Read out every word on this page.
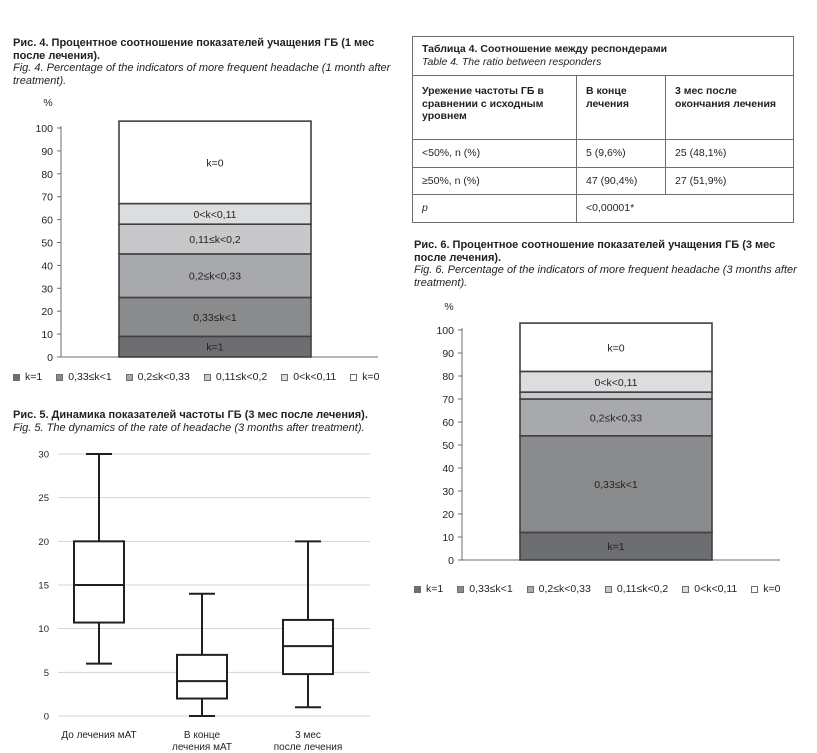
Рис. 4. Процентное соотношение показателей учащения ГБ (1 мес после лечения).
Fig. 4. Percentage of the indicators of more frequent headache (1 month after treatment).
%
0
10
20
30
40
50
60
70
80
90
100
k=1
0,33≤k<1
0,2≤k<0,33
0,11≤k<0,2
0<k<0,11
k=0
k=1 0,33≤k<1 0,2≤k<0,33 0,11≤k<0,2 0<k<0,11 k=0
Рис. 5. Динамика показателей частоты ГБ (3 мес после лечения).
Fig. 5. The dynamics of the rate of headache (3 months after treatment).
0
5
10
15
20
25
30
До лечения мАТ	В конце лечения мАТ
3 мес после лечения
Таблица 4. Соотношение между респондерами
Table 4. The ratio between responders		

Урежение частоты ГБ в сравнении с исходным уровнем	В конце лечения	3 мес после окончания лечения
<50%, n (%)	5 (9,6%)	25 (48,1%)
≥50%, n (%)	47 (90,4%)	27 (51,9%)
p	<0,00001*	
Рис. 6. Процентное соотношение показателей учащения ГБ (3 мес после лечения).
Fig. 6. Percentage of the indicators of more frequent headache (3 months after treatment).
%
0
10
20
30
40
50
60
70
80
90
100
k=1
0,33≤k<1
0,2≤k<0,33
0<k<0,11
k=0
k=1 0,33≤k<1 0,2≤k<0,33 0,11≤k<0,2 0<k<0,11 k=0
